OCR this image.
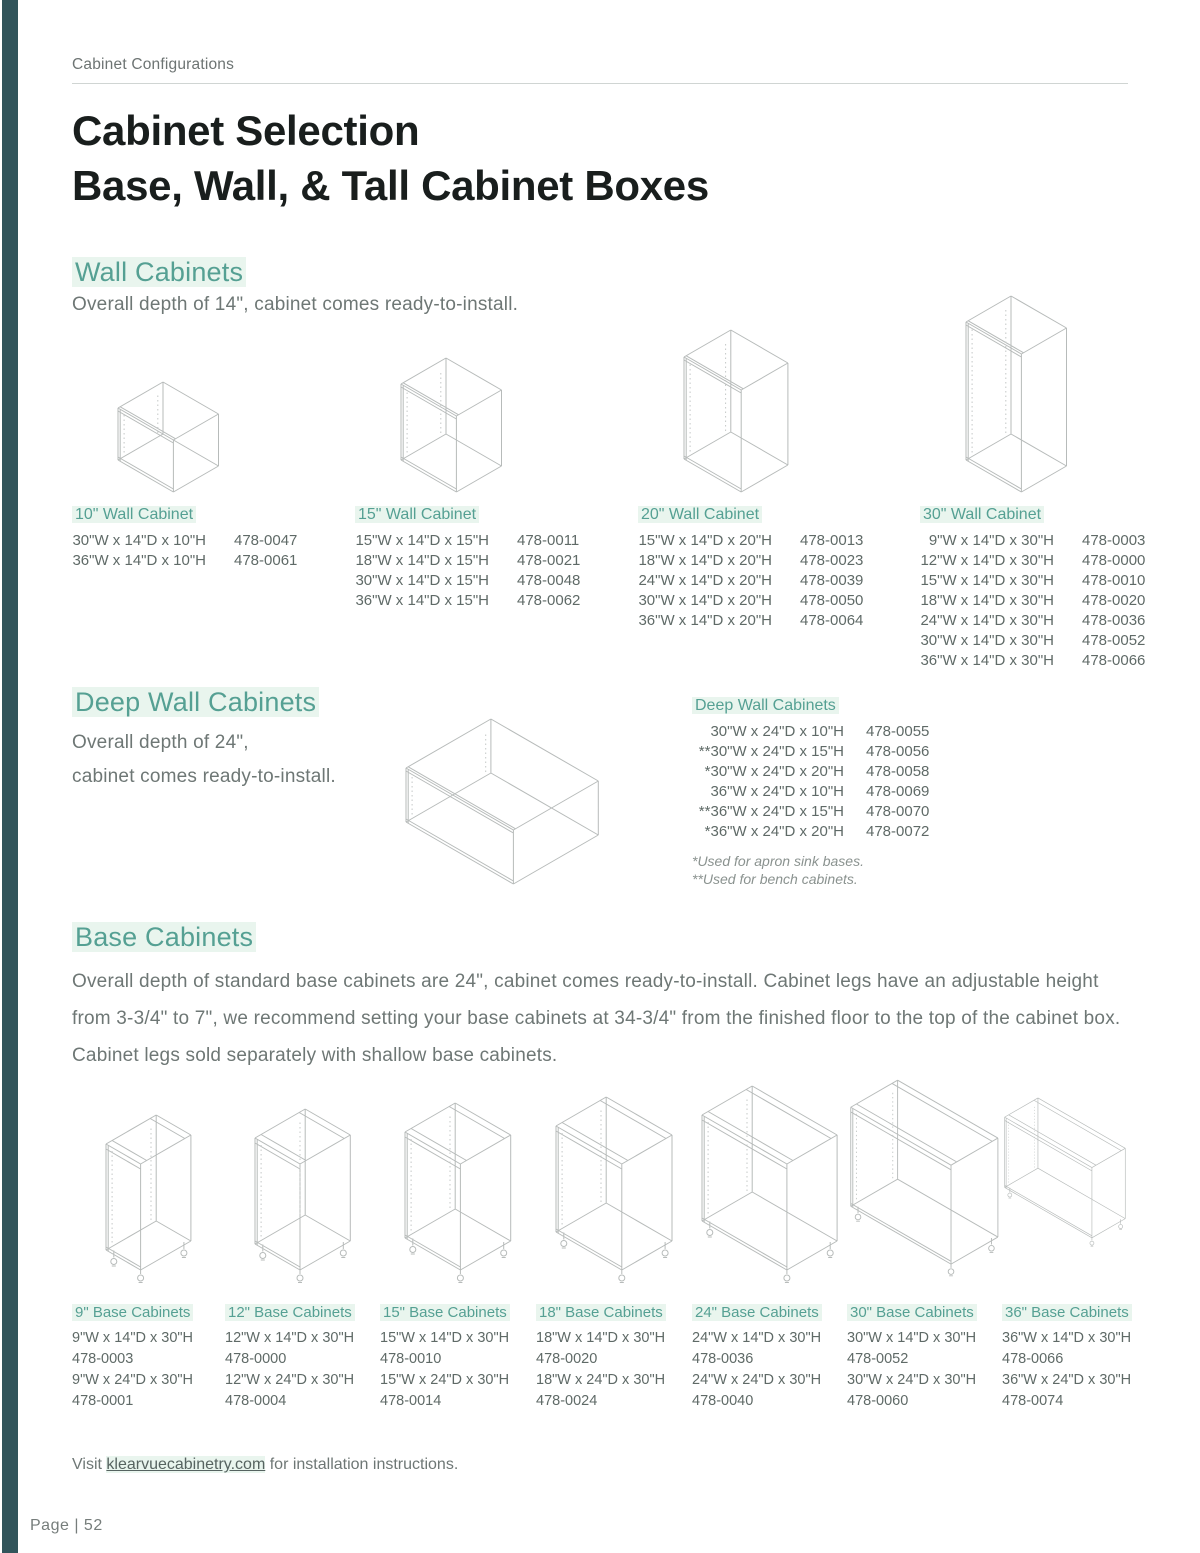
Cabinet Configurations
Cabinet Selection
Base, Wall, & Tall Cabinet Boxes
Wall Cabinets

Overall depth of 14", cabinet comes ready-to-install.

10" Wall Cabinet
30"W x 14"D x 10"H 478-0047
36"W x 14"D x 10"H 478-0061
15" Wall Cabinet
15"W x 14"D x 15"H 478-0011
18"W x 14"D x 15"H 478-0021
30"W x 14"D x 15"H 478-0048
36"W x 14"D x 15"H 478-0062
20" Wall Cabinet
15"W x 14"D x 20"H 478-0013
18"W x 14"D x 20"H 478-0023
24"W x 14"D x 20"H 478-0039
30"W x 14"D x 20"H 478-0050
36"W x 14"D x 20"H 478-0064
30" Wall Cabinet
9"W x 14"D x 30"H 478-0003
12"W x 14"D x 30"H 478-0000
15"W x 14"D x 30"H 478-0010
18"W x 14"D x 30"H 478-0020
24"W x 14"D x 30"H 478-0036
30"W x 14"D x 30"H 478-0052
36"W x 14"D x 30"H 478-0066
Deep Wall Cabinets

Overall depth of 24",

cabinet comes ready-to-install.

Deep Wall Cabinets
30"W x 24"D x 10"H 478-0055
**30"W x 24"D x 15"H 478-0056
*30"W x 24"D x 20"H 478-0058
36"W x 24"D x 10"H 478-0069
**36"W x 24"D x 15"H 478-0070
*36"W x 24"D x 20"H 478-0072
*Used for apron sink bases.
**Used for bench cabinets.
Base Cabinets

Overall depth of standard base cabinets are 24", cabinet comes ready-to-install. Cabinet legs have an adjustable height from 3-3/4" to 7", we recommend setting your base cabinets at 34-3/4" from the finished floor to the top of the cabinet box. Cabinet legs sold separately with shallow base cabinets.

9" Base Cabinets
9"W x 14"D x 30"H
478-0003
9"W x 24"D x 30"H
478-0001
12" Base Cabinets
12"W x 14"D x 30"H
478-0000
12"W x 24"D x 30"H
478-0004
15" Base Cabinets
15"W x 14"D x 30"H
478-0010
15"W x 24"D x 30"H
478-0014
18" Base Cabinets
18"W x 14"D x 30"H
478-0020
18"W x 24"D x 30"H
478-0024
24" Base Cabinets
24"W x 14"D x 30"H
478-0036
24"W x 24"D x 30"H
478-0040
30" Base Cabinets
30"W x 14"D x 30"H
478-0052
30"W x 24"D x 30"H
478-0060
36" Base Cabinets
36"W x 14"D x 30"H
478-0066
36"W x 24"D x 30"H
478-0074

Visit klearvuecabinetry.com for installation instructions.

Page | 52
